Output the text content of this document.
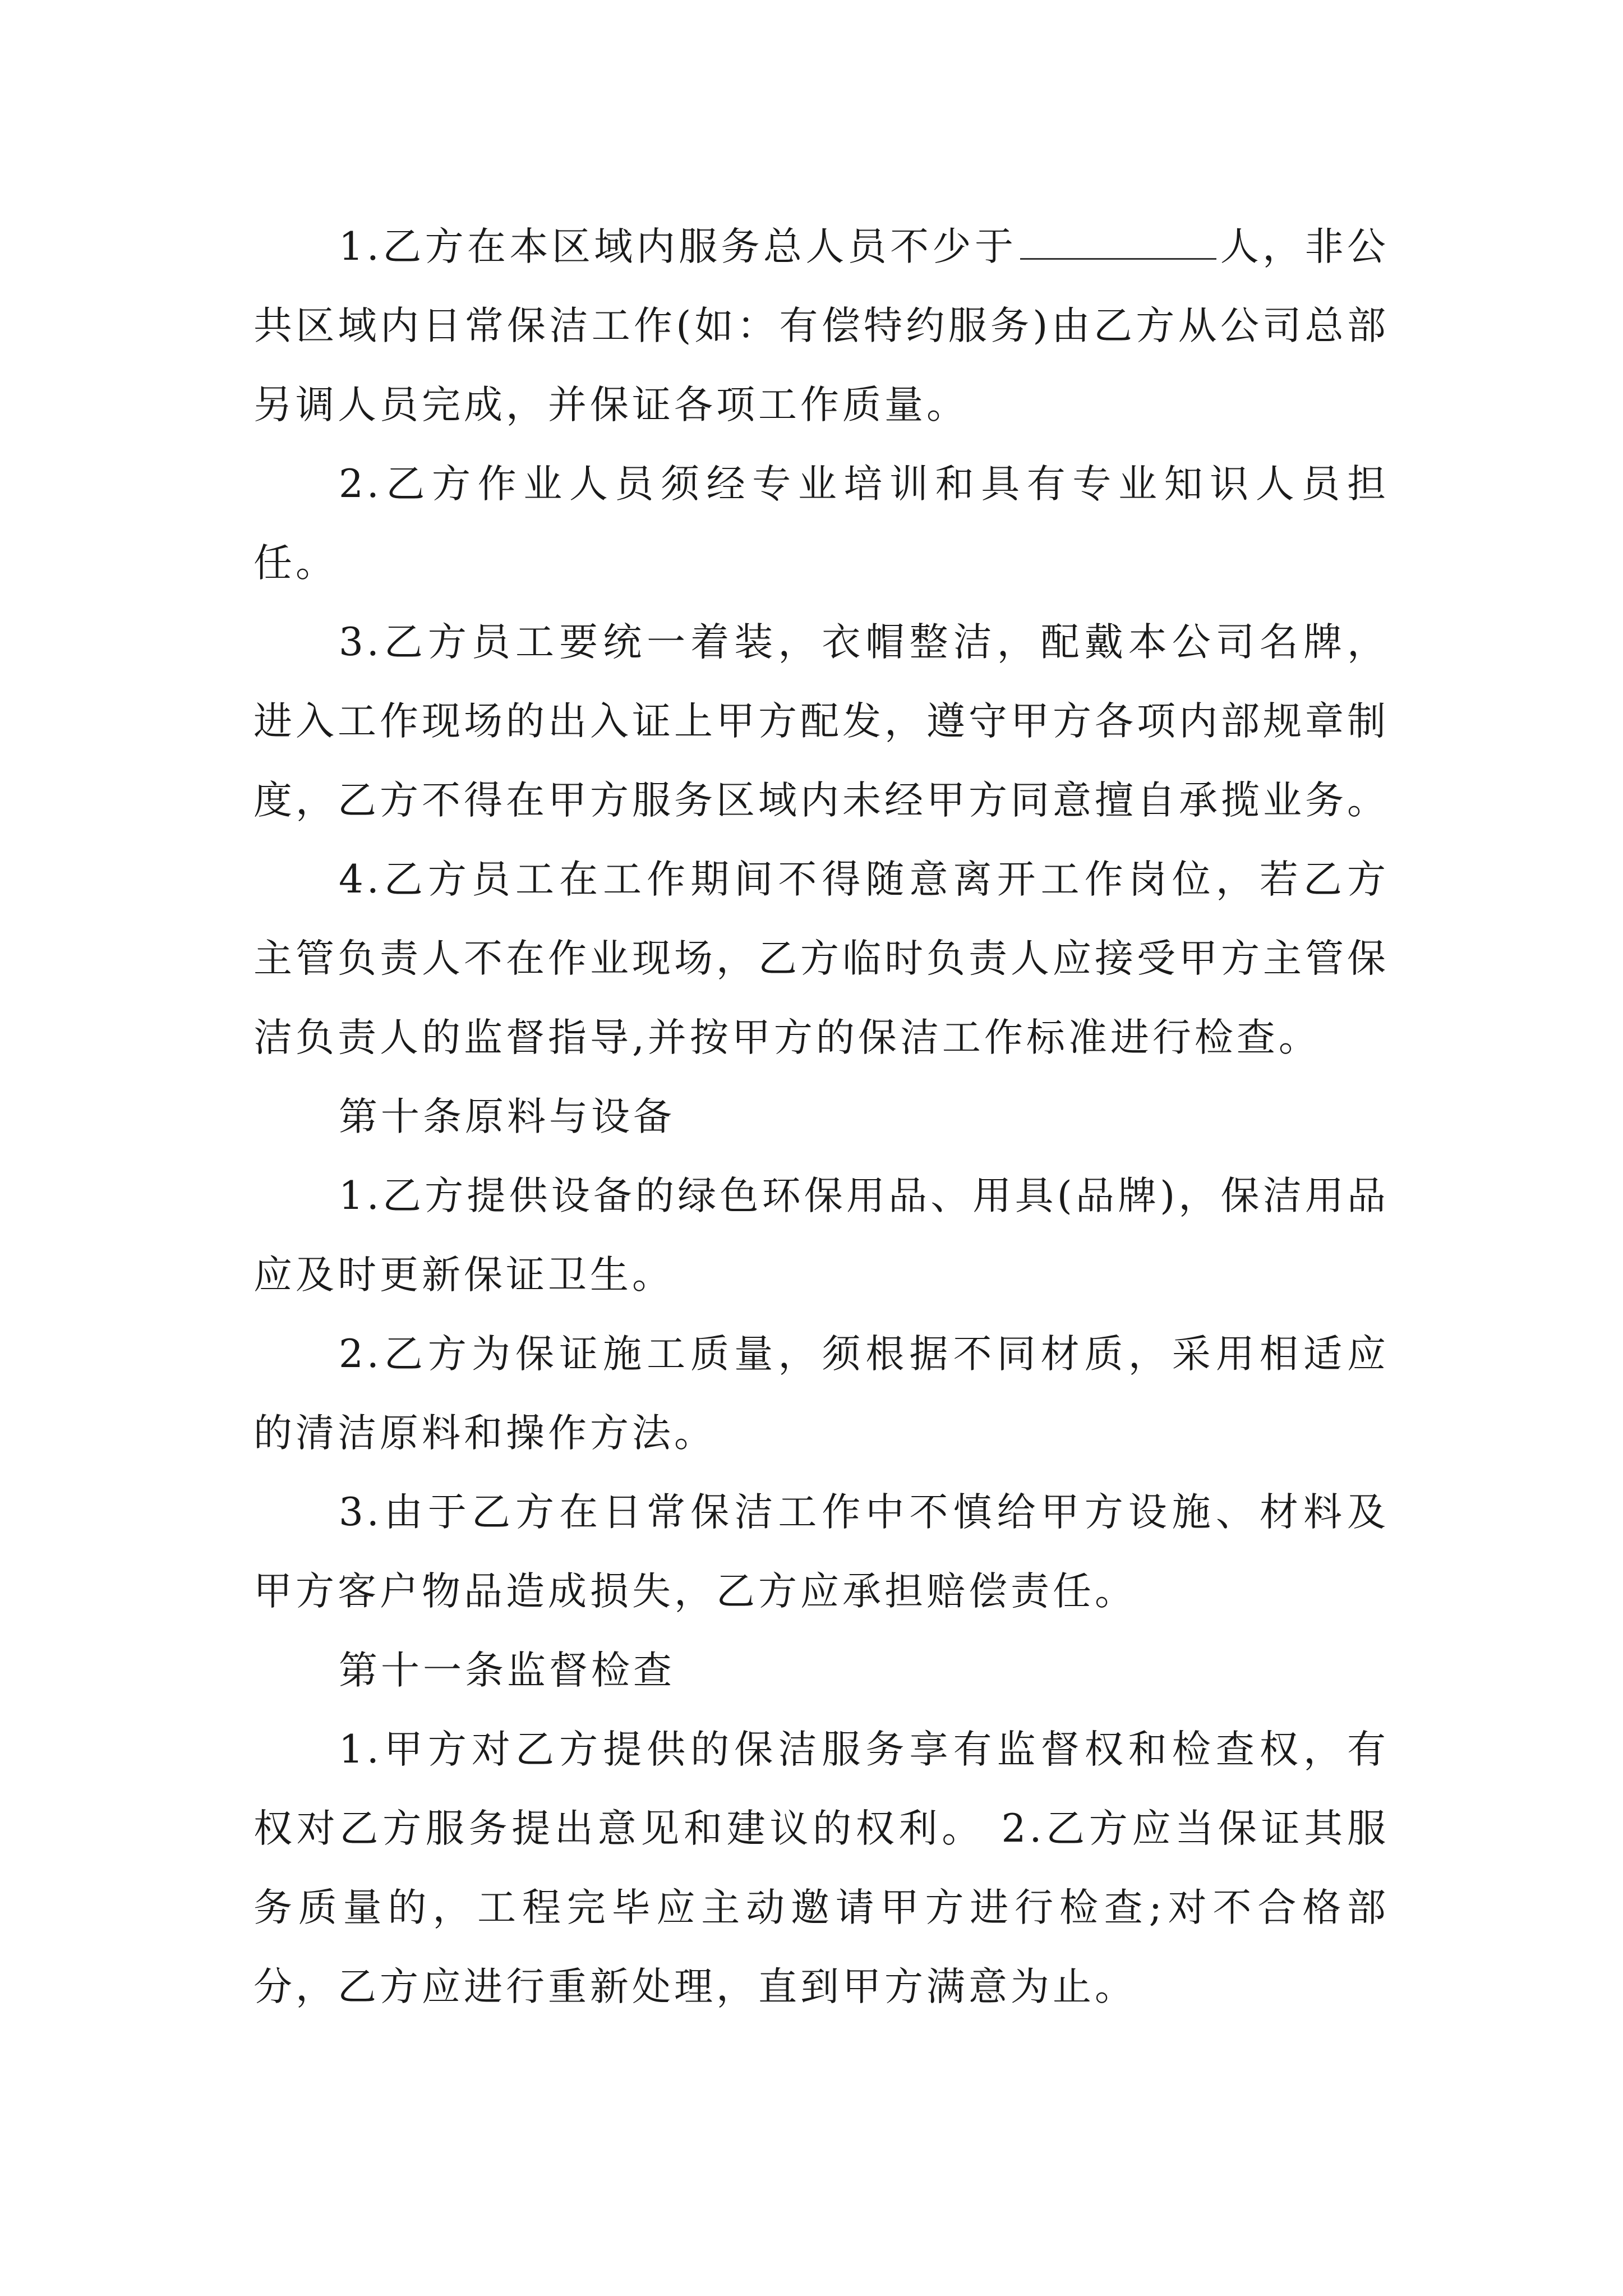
1.乙方在本区域内服务总人员不少于	人，非公共区域内日常保洁工作(如：有偿特约服务)由乙方从公司总部另调人员完成，并保证各项工作质量。

2.乙方作业人员须经专业培训和具有专业知识人员担任。

3.乙方员工要统一着装，衣帽整洁，配戴本公司名牌，进入工作现场的出入证上甲方配发，遵守甲方各项内部规章制度，乙方不得在甲方服务区域内未经甲方同意擅自承揽业务。

4.乙方员工在工作期间不得随意离开工作岗位，若乙方主管负责人不在作业现场，乙方临时负责人应接受甲方主管保洁负责人的监督指导,并按甲方的保洁工作标准进行检查。

第十条原料与设备

1.乙方提供设备的绿色环保用品、用具(品牌)，保洁用品应及时更新保证卫生。

2.乙方为保证施工质量，须根据不同材质，采用相适应的清洁原料和操作方法。

3.由于乙方在日常保洁工作中不慎给甲方设施、材料及甲方客户物品造成损失，乙方应承担赔偿责任。

第十一条监督检查

1.甲方对乙方提供的保洁服务享有监督权和检查权，有权对乙方服务提出意见和建议的权利。 2.乙方应当保证其服务质量的，工程完毕应主动邀请甲方进行检查;对不合格部分，乙方应进行重新处理，直到甲方满意为止。
